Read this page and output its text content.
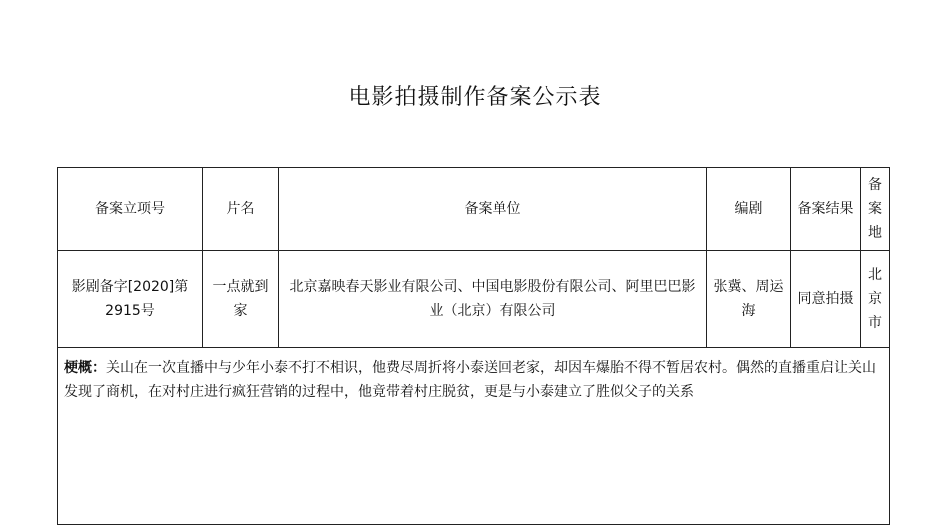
电影拍摄制作备案公示表
备案立项号	片名	备案单位	编剧	备案结果	备案地
影剧备字[2020]第2915号	一点就到家	北京嘉映春天影业有限公司、中国电影股份有限公司、阿里巴巴影业（北京）有限公司	张冀、周运海	同意拍摄	北京市
梗概：关山在一次直播中与少年小泰不打不相识，他费尽周折将小泰送回老家，却因车爆胎不得不暂居农村。偶然的直播重启让关山发现了商机，在对村庄进行疯狂营销的过程中，他竟带着村庄脱贫，更是与小泰建立了胜似父子的关系					
